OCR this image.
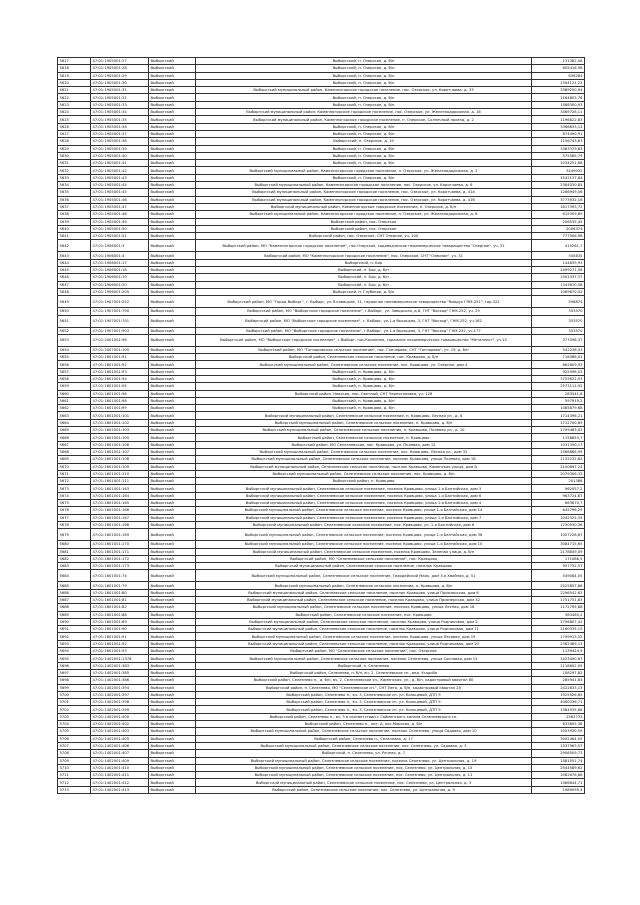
5617	47:01:1905001:27	Выборгский	Выборгский, п. Озерское, д. б/н	131382,08
5618	47:01:1905001:28	Выборгский	Выборгский, п. Озерское, д. б/н	605416,96
5619	47:01:1905001:29	Выборгский	Выборгский, п. Озерское, д. б/н	836284
5620	47:01:1905001:30	Выборгский	Выборгский, п. Озерское, д. б/н	1394121,23
5621	47:01:1905001:31	Выборгский	Выборгский муниципальный район, Каменногорское городское поселение, пос. Озерское, ул. Коротчаева, д. 33	3389250,94
5622	47:01:1905001:32	Выборгский	Выборгский, п. Озерское, д. б/н	1164803,76
5623	47:01:1905001:33	Выборгский	Выборгский, п. Озерское, д. б/н	1588300,93
5624	47:01:1905001:34	Выборгский	Выборгский муниципальный район, Каменногорское городское поселение, пос. Озерское, ул. Железнодорожная, д. 16	3469728,11
5625	47:01:1905001:35	Выборгский	Выборгский муниципальный район, Каменногорское городское поселение, п. Озерское, Солнечный проезд, д. 2	1196822,83
5626	47:01:1905001:36	Выборгский	Выборгский, п. Озерское, д. б/н	3366633,14
5627	47:01:1905001:37	Выборгский	Выборгский, п. Озерское, д. б/н	874490,91
5628	47:01:1905001:38	Выборгский	Выборгский, п. Озерское, д. 19	1156743,63
5629	47:01:1905001:39	Выборгский	Выборгский, п. Озерское, д. б/н	3383379,63
5630	47:01:1905001:40	Выборгский	Выборгский, п. Озерское, д. б/н	575585,79
5631	47:01:1905001:41	Выборгский	Выборгский, п. Озерское, д. б/н	1034251,68
5632	47:01:1905001:42	Выборгский	Выборгский муниципальный район, Каменногорское городское поселение, п. Озерское, ул. Железнодорожная, д. 2	3449032
5633	47:01:1905001:43	Выборгский	Выборгский, п. Озерское, д. б/н	1542137,84
5634	47:01:1905001:44	Выборгский	Выборгский муниципальный район, Каменногорское городское поселение, пос. Озерское, ул. Коротчаева, д. 6	2384030,85
5635	47:01:1905001:45	Выборгский	Выборгский муниципальный район, Каменногорское городское поселение, пос. Озерское, ул. Коротчаева, д. 41а	1286949,06
5636	47:01:1905001:46	Выборгский	Выборгский муниципальный район, Каменногорское городское поселение, пос. Озерское, ул. Коротчаева, д. 41б	3773932,16
5637	47:01:1905001:47	Выборгский	Выборгский муниципальный район, Каменногорское городское поселение, п. Озерское, д. б/н	1617393,72
5638	47:01:1905001:48	Выборгский	Выборгский муниципальный район, Каменногорское городское поселение, п. Озерское, ул. Железнодорожная, д. 8	615309,89
5639	47:01:1905001:49	Выборгский	Выборгский район, пос. Озерское	206535,45
5640	47:01:1905001:50	Выборгский	Выборгский район, пос. Озерское	2006374
5641	47:01:1905001:51	Выборгский	Выборгский район, пос. Озерское, СНТ Озерное, уч. 100	777906,98
5642	47:01:1906001:3	Выборгский	Выборгский район, МО "Каменногорское городское поселение", пос.Озерское, садоводческое некоммерческое товарищество "Озерное", уч. 31	415261,7
5643	47:01:1906001:4	Выборгский	Выборгский район, МО "Каменногорское городское поселение", пос. Озерское, СНТ "Озерное", уч. 31	345835
5644	47:01:1906001:17	Выборгский	Выборгский, п. Бор	144839,93
5645	47:01:1906001:18	Выборгский	Выборгский, п. Бор, д. б/н	1499271,56
5646	47:01:1906001:19	Выборгский	Выборгский, п. Бор, д. б/н	1501337,37
5647	47:01:1906001:20	Выборгский	Выборгский, п. Бор, д. б/н	1343810,58
5648	47:01:1906001:205	Выборгский	Выборгский, п. Глубокое, д. б/н	1069870,52
5649	47:01:1907001:252	Выборгский	Выборгский район, МО "Город Выборг", г. Выборг, ул.Я-ковицкие, 11, гаражное некоммерческое товарищество "Виадук ГНМ-251", гар.322	598874
5650	47:01:1907001:790	Выборгский	Выборгский район, МО "Выборгское городское поселение", г.Выборг, ул. Заводская, д.8, ГНТ "Восход" ГНМ-252, уч. 29	353570
5651	47:01:1907001:791	Выборгский	Выборгский район, МО "Выборгское городское поселение", г. Выборг, ул.1-я Высоцкая, 3, ГНТ "Восход", ГНМ-252, уч.162	353570
5652	47:01:1907001:903	Выборгский	Выборгский район, МО "Выборгское городское поселение", г.Выборг, ул.1-я Высоцкая, 3, ГНТ "Восход" ГНМ-252, уч.177	353570
5653	47:01:2001001:96	Выборгский	Выборгский район, МО "Выборгское городское поселение", г.Выборг, пос.Калинина, гаражное некоммерческое товарищество "Металлист", уч.15	377098,37
5654	47:01:2007001:105	Выборгский	Выборгский район, МО "Гончаровское сельское поселение", пос. Гончарово, СНТ "Гончарово", уч. 19, д. б/н	542238,43
5655	47:01:1601001:91	Выборгский	Выборгский район, Селезневское сельское поселение, пос. Кравцово, д. б/н	718388,01
5656	47:01:1601001:92	Выборгский	Выборгский муниципальный район, Селезневское сельское поселение, пос. Кравцово, ул. Озёрная, дом 4	862809,93
5657	47:01:1601001:93	Выборгский	Выборгский, п. Кравцово, д. б/н	925598,03
5658	47:01:1601001:94	Выборгский	Выборгский, п. Кравцово, д. б/н	3752632,93
5659	47:01:1601001:95	Выборгский	Выборгский, п. Кравцово, д. б/н	2573111,92
5660	47:01:1601001:96	Выборгский	Выборгский район, Невское, пер. Светлый, СНТ Черноголовка, уч. 128	283541,8
5661	47:01:1601001:98	Выборгский	Выборгский, п. Кравцово, д. б/н	597919,2
5662	47:01:1601001:99	Выборгский	Выборгский, п. Кравцово, д. б/н	1085879,68
5663	47:01:1601001:101	Выборгский	Выборгский муниципальный район, Селезневское сельское поселение, п. Кравцово, Лесная ул., д. 8	1714396,21
5664	47:01:1601001:102	Выборгский	Выборгский муниципальный район, Селезневское сельское поселение, п. Кравцово, д. б/н	1712700,89
5665	47:01:1601001:103	Выборгский	Выборгский муниципальный район, Селезневское сельское поселение, п. Кравцово, Полевая ул., д. 10	1709483,02
5666	47:01:1601001:105	Выборгский	Выборгский район, Селезневское сельское поселение, п. Кравцово	1158853,7
5667	47:01:1601001:106	Выборгский	Выборгский район, МО Селезневское, пос. Кравцово, ул. Полевая, дом 12	1031350,17
5668	47:01:1601001:107	Выборгский	Выборгский муниципальный район, Селезневское сельское поселение, пос. Кравцово, Лесная ул., дом 32	1566866,99
5669	47:01:1601001:108	Выборгский	Выборгский муниципальный район, Селезневское сельское поселение, поселок Кравцово, улица Полевая, дом 16	1132232,82
5670	47:01:1601001:109	Выборгский	Выборгский муниципальный район, Селезневское сельское поселение, поселок Кравцово, Каменская улица, дом 8	2100897,24
5671	47:01:1601001:110	Выборгский	Выборгский муниципальный район, Селезневское сельское поселение, пос. Кравцово, д. б/н	2079306,33
5672	47:01:1601001:111	Выборгский	Выборгский район, п. Кравцово	201386
5673	47:01:1601001:163	Выборгский	Выборгский муниципальный район, Селезневское сельское поселение, поселок Кравцово, улица 1-я Балтийская, дом 3	962057,2
5674	47:01:1601001:164	Выборгский	Выборгский муниципальный район, Селезневское сельское поселение, поселок Кравцово, улица 1-я Балтийская, дом 6	963724,87
5675	47:01:1601001:165	Выборгский	Выборгский муниципальный район, Селезневское сельское поселение, поселок Кравцово, улица 1-я Балтийская, дом 4	663670,7
5676	47:01:1601001:166	Выборгский	Выборгский муниципальный район, Селезневское сельское поселение, поселок Кравцово, улица 1-я Балтийская, дом 14	645796,25
5677	47:01:1601001:167	Выборгский	Выборгский муниципальный район, Селезневское сельское поселение, поселок Кравцово, улица 1-я Балтийская, дом 7	1042325,35
5678	47:01:1601001:168	Выборгский	Выборгский муниципальный район, Селезневское сельское поселение, пос. Кравцово, ул. 1-я Балтийская, дом 6	1230530,36
5679	47:01:1601001:169	Выборгский	Выборгский муниципальный район, Селезневское сельское поселение, поселок Кравцово, улица 1-я Балтийская, дом 36	1007228,67
5680	47:01:1601001:170	Выборгский	Выборгский муниципальный район, Селезневское сельское поселение, поселок Кравцово, улица 1-я Балтийская, дом 10	3084715,65
5681	47:01:1601001:171	Выборгский	Выборгский муниципальный район, Селезневское сельское поселение, поселок Кравцово, Зеленая улица, д. б/н	2178849,09
5682	47:01:1601001:172	Выборгский	Выборгский район, МО "Селезневское сельское поселение", пос. Кравцово	171086,5
5683	47:01:1601001:173	Выборгский	Выборгский муниципальный район, Селезневское сельское поселение, поселок Кравцово	957752,57
5684	47:01:1601001:74	Выборгский	Выборгский муниципальный район, Селезневское сельское поселение, Гвардейский Маяк, дом 3-я Хвойная, д. 51	549084,05
5685	47:01:1601001:79	Выборгский	Выборгский муниципальный район, Селезневское сельское поселение, п. Кравцово, д. б/н	2525857,86
5686	47:01:1601001:80	Выборгский	Выборгский муниципальный район, Селезневское сельское поселение, поселок Кравцово, улица Приозерская, дом 6	2296542,63
5687	47:01:1601001:81	Выборгский	Выборгский муниципальный район, Селезневское сельское поселение, поселок Кравцово, улица Приозерская, дом 32	1751751,83
5688	47:01:1601001:82	Выборгский	Выборгский муниципальный район, Селезневское сельское поселение, поселок Кравцово, улица Лесная, дом 16	1172795,88
5689	47:01:1601001:88	Выборгский	Выборгский район, Селезневское сельское поселение, пос. Кравцово	363485,2
5690	47:01:1601001:89	Выборгский	Выборгский муниципальный район, Селезневское сельское поселение, поселок Кравцово, улица Родниковая, дом 2	1756807,43
5691	47:01:1601001:90	Выборгский	Выборгский муниципальный район, Селезневское сельское поселение, поселок Кравцово, улица Родниковая, дом 11	2160335,15
5692	47:01:1601001:91	Выборгский	Выборгский муниципальный район, Селезневское сельское поселение, поселок Кравцово, улица Лесовая, дом 19	1799913,52
5693	47:01:1601001:92	Выборгский	Выборгский муниципальный район, Селезневское сельское поселение, поселок Кравцово, улица Родниковая, дом 20	2362489,13
5694	47:01:1601001:93	Выборгский	Выборгский район, МО "Селезневское сельское поселение", пос. Озерское	1139424,9
5695	47:01:1402001:1378	Выборгский	Выборгский муниципальный район, Селезневское сельское поселение, поселок Селезнево, улица Сосновая, дом 15	1423490,67
5696	47:01:1402001:383	Выборгский	Выборгский, п. Селезнево	1118602,09
5697	47:01:1402001:385	Выборгский	Выборгский район, Селезнево, п. б/н, вч. 2, Селезневское сп., вед. Усадьба	108297,82
5698	47:01:1402001:386	Выборгский	Выборгский район, Селезнево п., д. б/н, вч. 2, Селезневское сп., Каменская, ул., д. б/н, кадастровый квартал 80	285941,84
5699	47:01:1402001:394	Выборгский	Выборгский район, п. Селезнево, МО "Селезневское сп.", СНТ Лето, д. б/н, кадастровый квартал 25	2422833,13
5700	47:01:1402001:397	Выборгский	Выборгский район, Селезнево п., вч. 3, Селезневское сп. ул. Кольцевой, ДТП 9	1925526,85
5701	47:01:1402001:398	Выборгский	Выборгский район, Селезнево п., вч. 3, Селезневское сп. ул. Кольцевой, ДТП 9	4060336,71
5702	47:01:1402001:399	Выборгский	Выборгский район, Селезнево п., вч. 3, Селезневское сп. ул. Кольцевой, ДТП 9	1384935,68
5703	47:01:1402001:400	Выборгский	Выборгский район, Селезнево п., вч. 3 в соответствии с Сайменского канала Селезневского сп.	1562733
5704	47:01:1402001:402	Выборгский	Выборгский район, Селезнево п., лит. А, пос.Морская, д. б/н	633605,38
5705	47:01:1402001:403	Выборгский	Выборгский муниципальный район, Селезневское сельское поселение, поселок Селезнево, улица Садовая, дом 10	1003930,59
5706	47:01:1402001:405	Выборгский	Выборгский район, Селезнево п., Селезнево, д. 17	3002464,05
5707	47:01:1402001:406	Выборгский	Выборгский муниципальный район, Селезневское сельское поселение, пос. Селезнево, ул. Садовая, д. 3	1537963,57
5708	47:01:1402001:407	Выборгский	Выборгский, п. Селезнево, ул. Речная, д. 7	2906509,73
5709	47:01:1402001:409	Выборгский	Выборгский муниципальный район, Селезневское сельское поселение, поселок Селезнево, ул. Центральная, д. 19	1581551,74
5710	47:01:1402001:410	Выборгский	Выборгский муниципальный район, Селезневское сельское поселение, пос. Селезнево, ул. Центральная, д. 15	2544589,62
5711	47:01:1402001:411	Выборгский	Выборгский муниципальный район, Селезневское сельское поселение, пос. Селезнево, ул. Центральная, д. 11	1082676,86
5712	47:01:1402001:412	Выборгский	Выборгский муниципальный район, Селезневское сельское поселение, пос. Селезнево, ул. Центральная, д. 3	1586644,71
5713	47:01:1402001:413	Выборгский	Выборгский район, Селезневское сельское поселение, пос. Селезнево, ул. Центральная, д. 9	1989095,4
